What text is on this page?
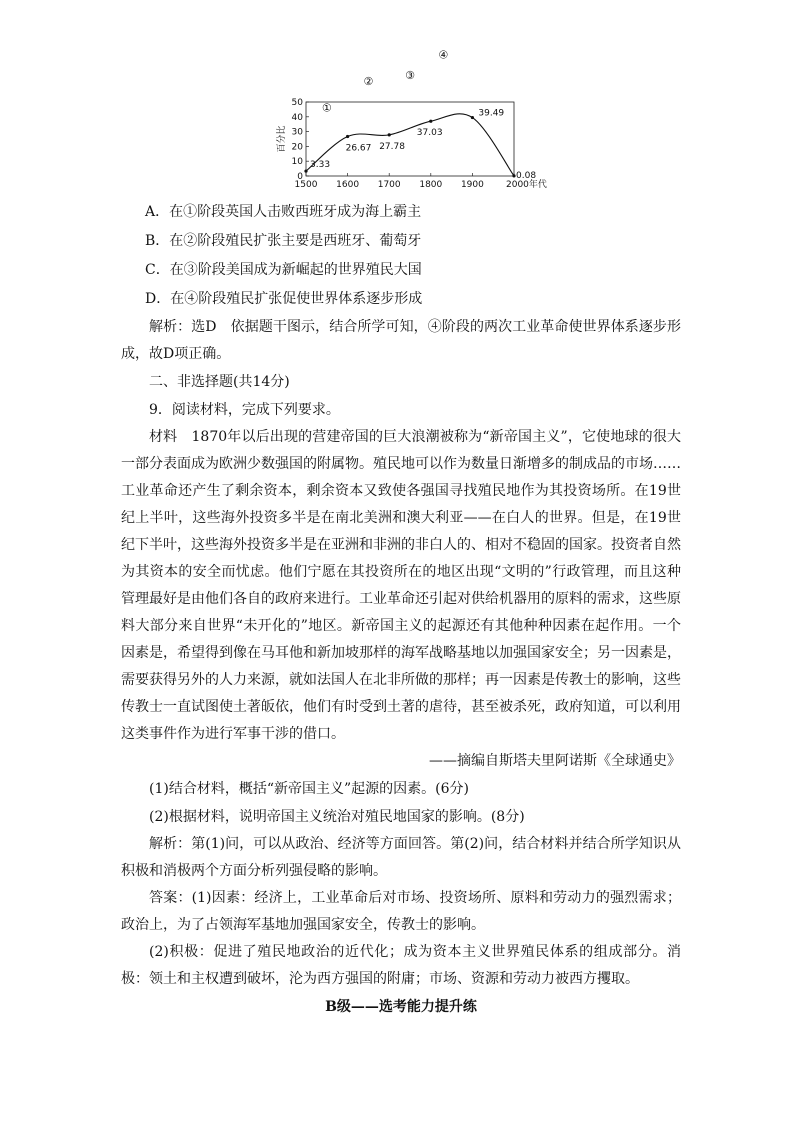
0
10
20
30
40
50
1500 1600 1700 1800 1900 2000年代
百分比
3.33
26.67 27.78
37.03
39.49
0.08
①
②	③
④
A．在①阶段英国人击败西班牙成为海上霸主
B．在②阶段殖民扩张主要是西班牙、葡萄牙
C．在③阶段美国成为新崛起的世界殖民大国
D．在④阶段殖民扩张促使世界体系逐步形成

解析：选D　依据题干图示，结合所学可知，④阶段的两次工业革命使世界体系逐步形成，故D项正确。

二、非选择题(共14分)
9．阅读材料，完成下列要求。

材料　1870年以后出现的营建帝国的巨大浪潮被称为“新帝国主义”，它使地球的很大一部分表面成为欧洲少数强国的附属物。殖民地可以作为数量日渐增多的制成品的市场……工业革命还产生了剩余资本，剩余资本又致使各强国寻找殖民地作为其投资场所。在19世纪上半叶，这些海外投资多半是在南北美洲和澳大利亚——在白人的世界。但是，在19世纪下半叶，这些海外投资多半是在亚洲和非洲的非白人的、相对不稳固的国家。投资者自然为其资本的安全而忧虑。他们宁愿在其投资所在的地区出现“文明的”行政管理，而且这种管理最好是由他们各自的政府来进行。工业革命还引起对供给机器用的原料的需求，这些原料大部分来自世界“未开化的”地区。新帝国主义的起源还有其他种种因素在起作用。一个因素是，希望得到像在马耳他和新加坡那样的海军战略基地以加强国家安全；另一因素是，需要获得另外的人力来源，就如法国人在北非所做的那样；再一因素是传教士的影响，这些传教士一直试图使土著皈依，他们有时受到土著的虐待，甚至被杀死，政府知道，可以利用这类事件作为进行军事干涉的借口。

——摘编自斯塔夫里阿诺斯《全球通史》
(1)结合材料，概括“新帝国主义”起源的因素。(6分)
(2)根据材料，说明帝国主义统治对殖民地国家的影响。(8分)

解析：第(1)问，可以从政治、经济等方面回答。第(2)问，结合材料并结合所学知识从积极和消极两个方面分析列强侵略的影响。

答案：(1)因素：经济上，工业革命后对市场、投资场所、原料和劳动力的强烈需求；政治上，为了占领海军基地加强国家安全，传教士的影响。

(2)积极：促进了殖民地政治的近代化；成为资本主义世界殖民体系的组成部分。消极：领土和主权遭到破坏，沦为西方强国的附庸；市场、资源和劳动力被西方攫取。

B级——选考能力提升练
